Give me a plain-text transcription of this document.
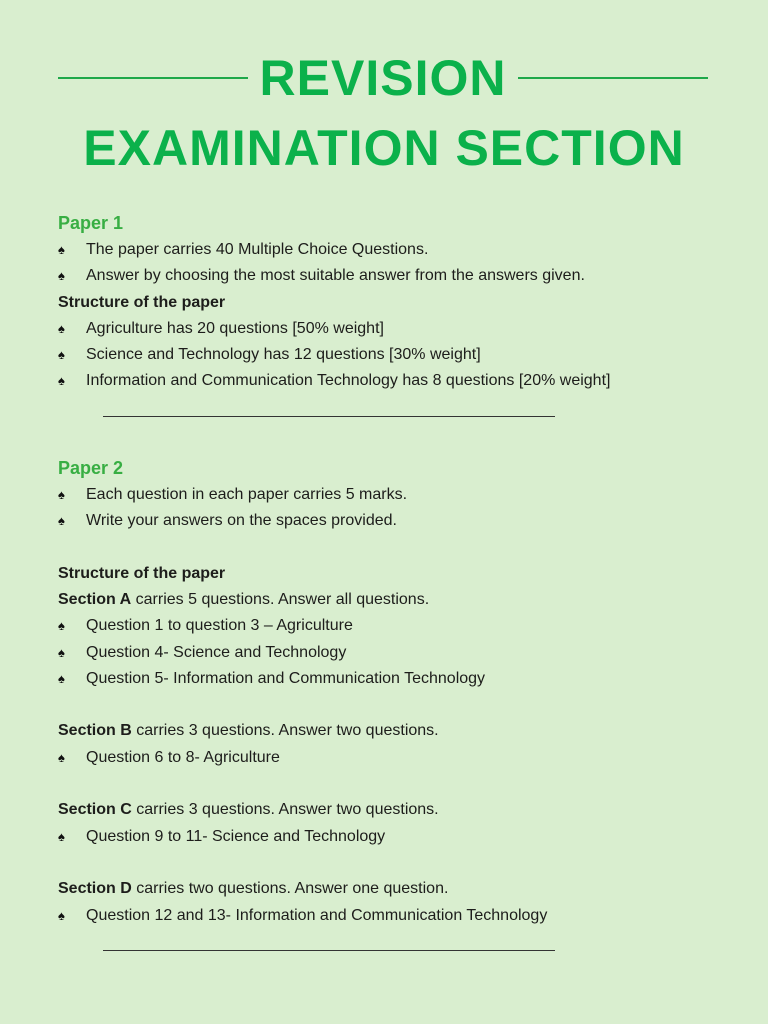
REVISION
EXAMINATION SECTION
Paper 1
♠	The paper carries 40 Multiple Choice Questions.
♠	Answer by choosing the most suitable answer from the answers given.
Structure of the paper
♠	Agriculture has 20 questions [50% weight]
♠	Science and Technology has 12 questions [30% weight]
♠	Information and Communication Technology has 8 questions [20% weight]
Paper 2
♠	Each question in each paper carries 5 marks.
♠	Write your answers on the spaces provided.
Structure of the paper
Section A carries 5 questions. Answer all questions.
♠	Question 1 to question 3 – Agriculture
♠	Question 4- Science and Technology
♠	Question 5- Information and Communication Technology
Section B carries 3 questions. Answer two questions.
♠	Question 6 to 8- Agriculture
Section C carries 3 questions. Answer two questions.
♠	Question 9 to 11- Science and Technology
Section D carries two questions. Answer one question.
♠	Question 12 and 13- Information and Communication Technology
